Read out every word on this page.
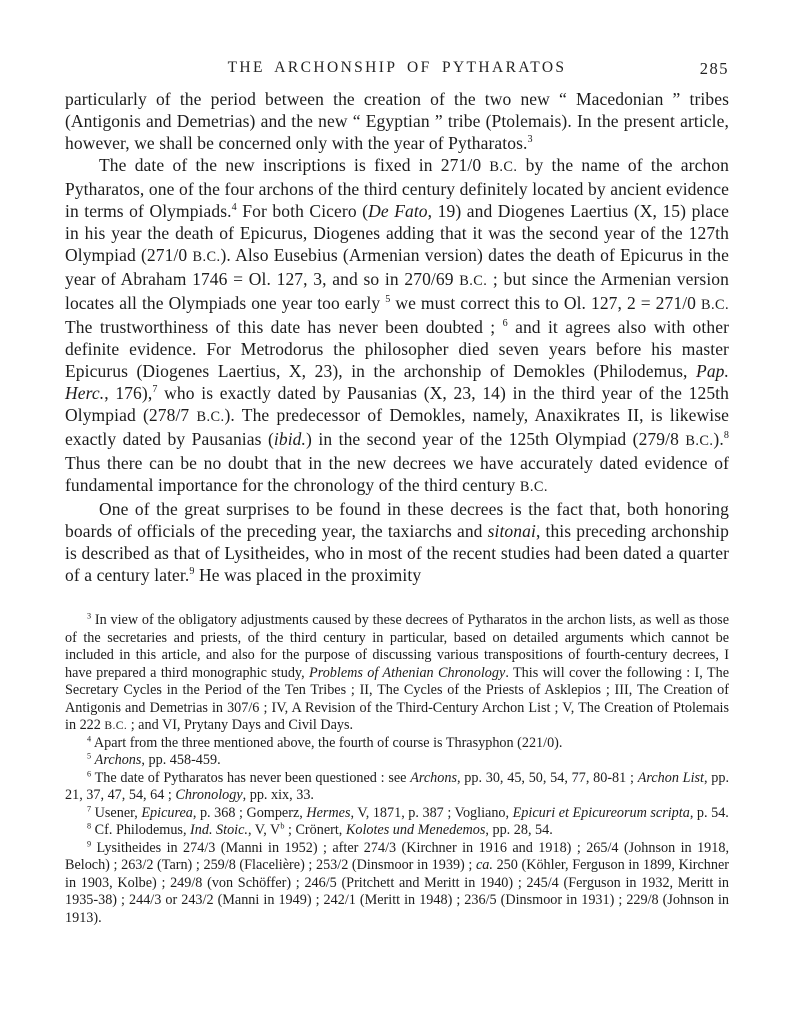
THE ARCHONSHIP OF PYTHARATOS	285

particularly of the period between the creation of the two new “ Macedonian ” tribes (Antigonis and Demetrias) and the new “ Egyptian ” tribe (Ptolemais). In the present article, however, we shall be concerned only with the year of Pytharatos.$^3$

The date of the new inscriptions is fixed in 271/0 B.C. by the name of the archon Pytharatos, one of the four archons of the third century definitely located by ancient evidence in terms of Olympiads.$^4$ For both Cicero (De Fato, 19) and Diogenes Laertius (X, 15) place in his year the death of Epicurus, Diogenes adding that it was the second year of the 127th Olympiad (271/0 B.C.). Also Eusebius (Armenian version) dates the death of Epicurus in the year of Abraham 1746 = Ol. 127, 3, and so in 270/69 B.C. ; but since the Armenian version locates all the Olympiads one year too early $^5$ we must correct this to Ol. 127, 2 = 271/0 B.C. The trustworthiness of this date has never been doubted ; $^6$ and it agrees also with other definite evidence. For Metrodorus the philosopher died seven years before his master Epicurus (Diogenes Laertius, X, 23), in the archonship of Demokles (Philodemus, Pap. Herc., 176),$^7$ who is exactly dated by Pausanias (X, 23, 14) in the third year of the 125th Olympiad (278/7 B.C.). The predecessor of Demokles, namely, Anaxikrates II, is likewise exactly dated by Pausanias (ibid.) in the second year of the 125th Olympiad (279/8 B.C.).$^8$ Thus there can be no doubt that in the new decrees we have accurately dated evidence of fundamental importance for the chronology of the third century B.C.

One of the great surprises to be found in these decrees is the fact that, both honoring boards of officials of the preceding year, the taxiarchs and sitonai, this preceding archonship is described as that of Lysitheides, who in most of the recent studies had been dated a quarter of a century later.$^9$ He was placed in the proximity

$^3$ In view of the obligatory adjustments caused by these decrees of Pytharatos in the archon lists, as well as those of the secretaries and priests, of the third century in particular, based on detailed arguments which cannot be included in this article, and also for the purpose of discussing various transpositions of fourth-century decrees, I have prepared a third monographic study, Problems of Athenian Chronology. This will cover the following : I, The Secretary Cycles in the Period of the Ten Tribes ; II, The Cycles of the Priests of Asklepios ; III, The Creation of Antigonis and Demetrias in 307/6 ; IV, A Revision of the Third-Century Archon List ; V, The Creation of Ptolemais in 222 B.C. ; and VI, Prytany Days and Civil Days.

$^4$ Apart from the three mentioned above, the fourth of course is Thrasyphon (221/0).

$^5$ Archons, pp. 458-459.

$^6$ The date of Pytharatos has never been questioned : see Archons, pp. 30, 45, 50, 54, 77, 80-81 ; Archon List, pp. 21, 37, 47, 54, 64 ; Chronology, pp. xix, 33.

$^7$ Usener, Epicurea, p. 368 ; Gomperz, Hermes, V, 1871, p. 387 ; Vogliano, Epicuri et Epicureorum scripta, p. 54.

$^8$ Cf. Philodemus, Ind. Stoic., V, $V^b$ ; Crönert, Kolotes und Menedemos, pp. 28, 54.

$^9$ Lysitheides in 274/3 (Manni in 1952) ; after 274/3 (Kirchner in 1916 and 1918) ; 265/4 (Johnson in 1918, Beloch) ; 263/2 (Tarn) ; 259/8 (Flacelière) ; 253/2 (Dinsmoor in 1939) ; ca. 250 (Köhler, Ferguson in 1899, Kirchner in 1903, Kolbe) ; 249/8 (von Schöffer) ; 246/5 (Pritchett and Meritt in 1940) ; 245/4 (Ferguson in 1932, Meritt in 1935-38) ; 244/3 or 243/2 (Manni in 1949) ; 242/1 (Meritt in 1948) ; 236/5 (Dinsmoor in 1931) ; 229/8 (Johnson in 1913).
